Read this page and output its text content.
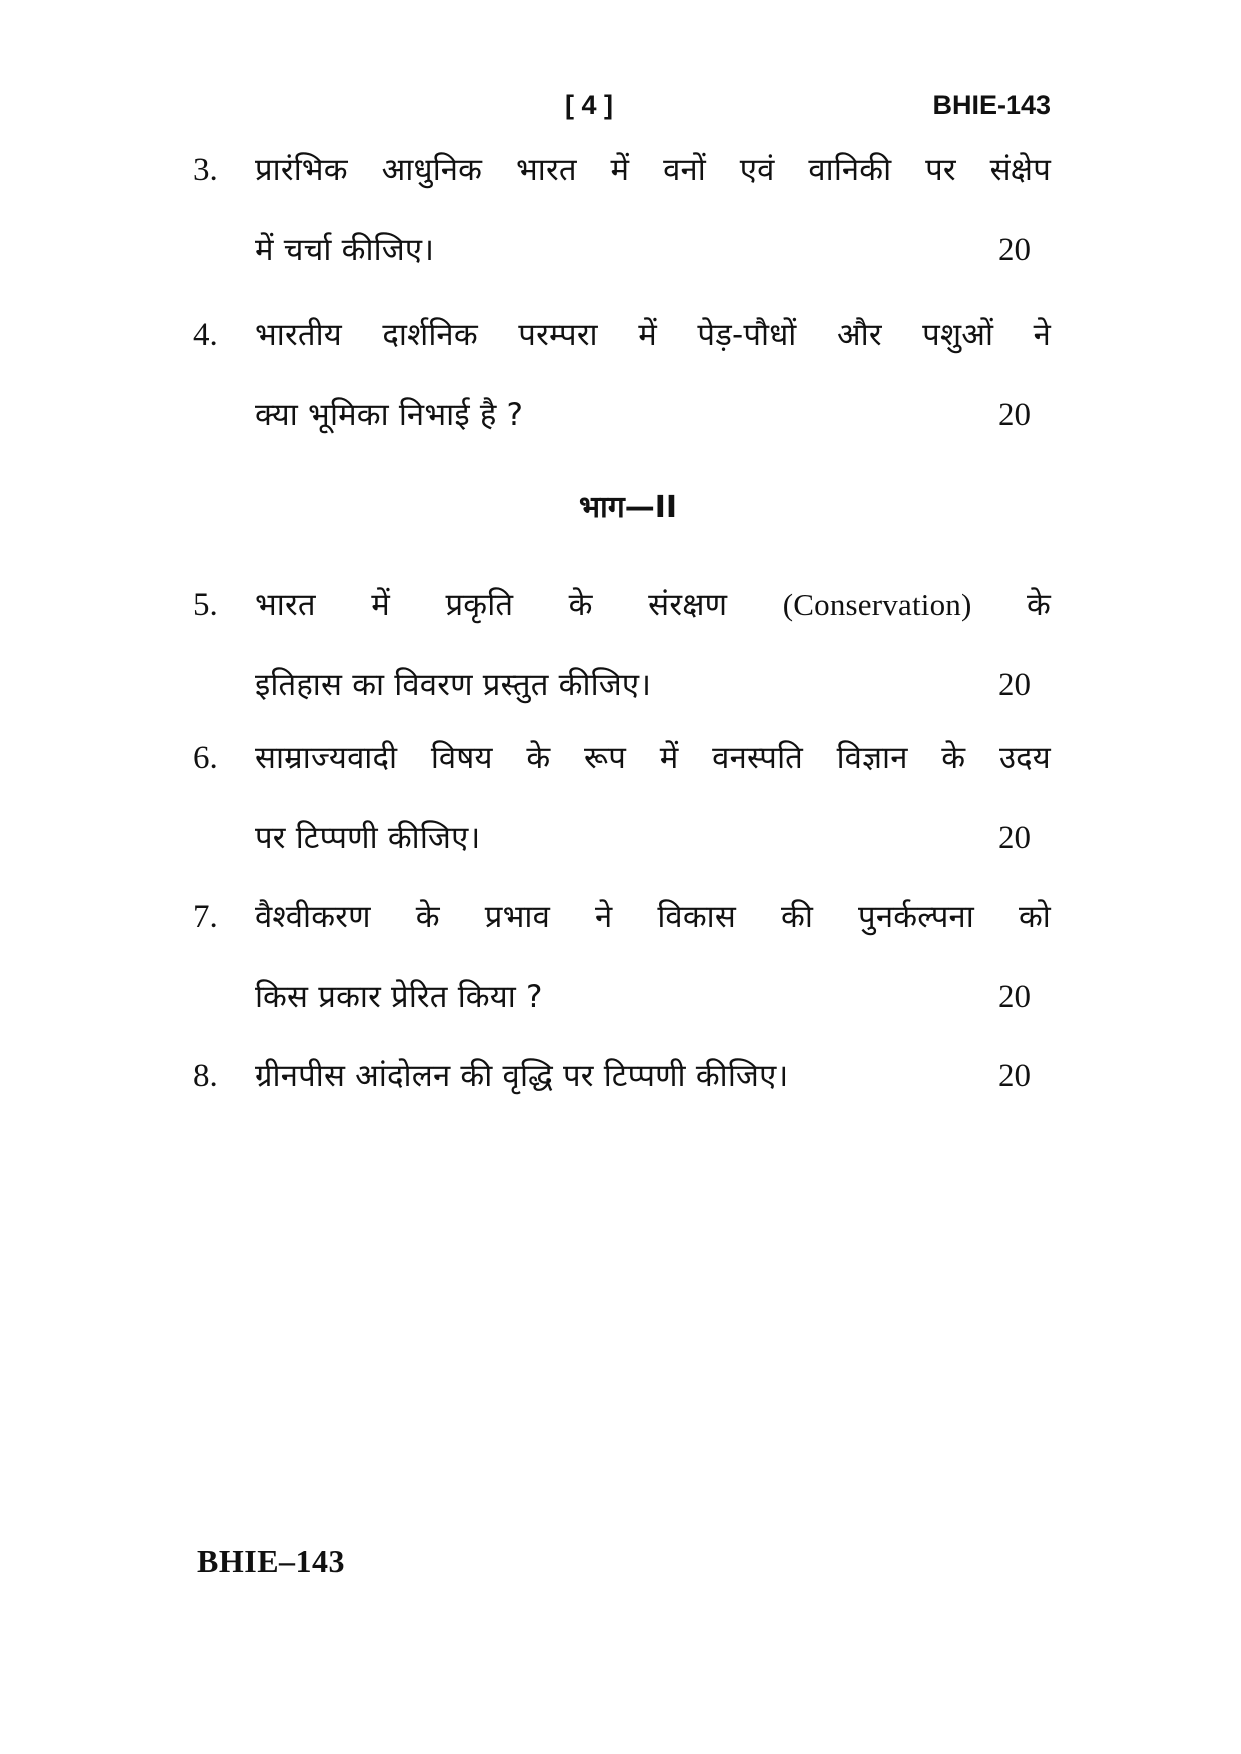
[ 4 ]	BHIE-143
3.	प्रारंभिक आधुनिक भारत में वनों एवं वानिकी पर संक्षेप
में चर्चा कीजिए।	20
4.	भारतीय दार्शनिक परम्परा में पेड़-पौधों और पशुओं ने
क्या भूमिका निभाई है ?	20
भाग—II
5.	भारत में प्रकृति के संरक्षण (Conservation) के
इतिहास का विवरण प्रस्तुत कीजिए।	20
6.	साम्राज्यवादी विषय के रूप में वनस्पति विज्ञान के उदय
पर टिप्पणी कीजिए।	20
7.	वैश्वीकरण के प्रभाव ने विकास की पुनर्कल्पना को
किस प्रकार प्रेरित किया ?	20
8.	ग्रीनपीस आंदोलन की वृद्धि पर टिप्पणी कीजिए।	20
BHIE–143
